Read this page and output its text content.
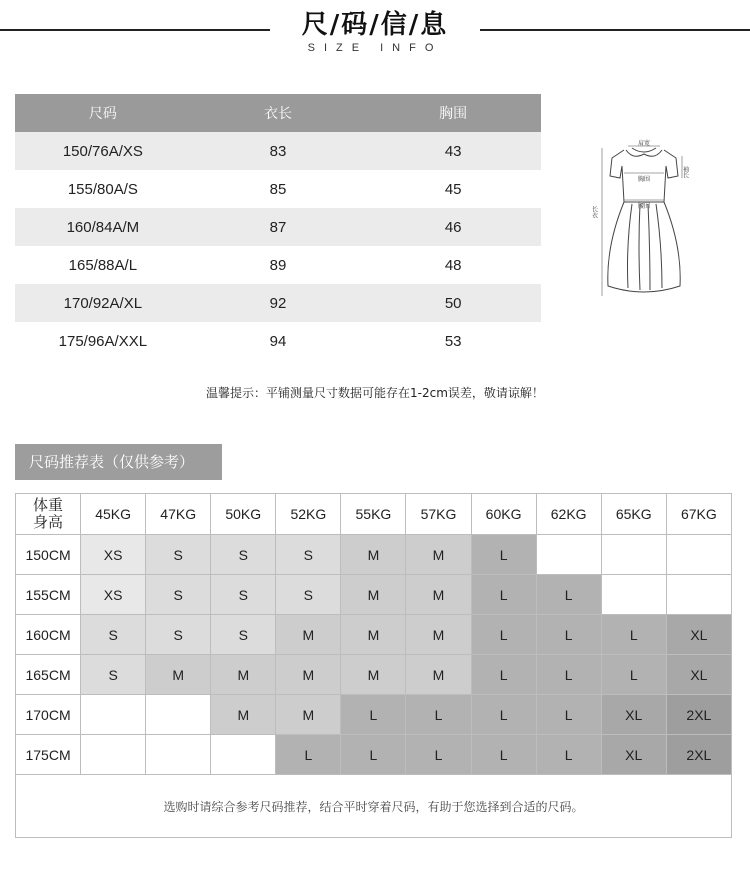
尺/码/信/息
SIZE INFO
尺码	衣长	胸围
150/76A/XS	83	43
155/80A/S	85	45
160/84A/M	87	46
165/88A/L	89	48
170/92A/XL	92	50
175/96A/XXL	94	53
肩宽
胸围
腰围
袖长
长衣
温馨提示：平铺测量尺寸数据可能存在1-2cm误差，敬请谅解！
尺码推荐表（仅供参考）
体重
身高	45KG	47KG	50KG	52KG	55KG	57KG	60KG	62KG	65KG	67KG
150CM	XS	S	S	S	M	M	L			
155CM	XS	S	S	S	M	M	L	L		
160CM	S	S	S	M	M	M	L	L	L	XL
165CM	S	M	M	M	M	M	L	L	L	XL
170CM			M	M	L	L	L	L	XL	2XL
175CM				L	L	L	L	L	XL	2XL
选购时请综合参考尺码推荐，结合平时穿着尺码，有助于您选择到合适的尺码。										
